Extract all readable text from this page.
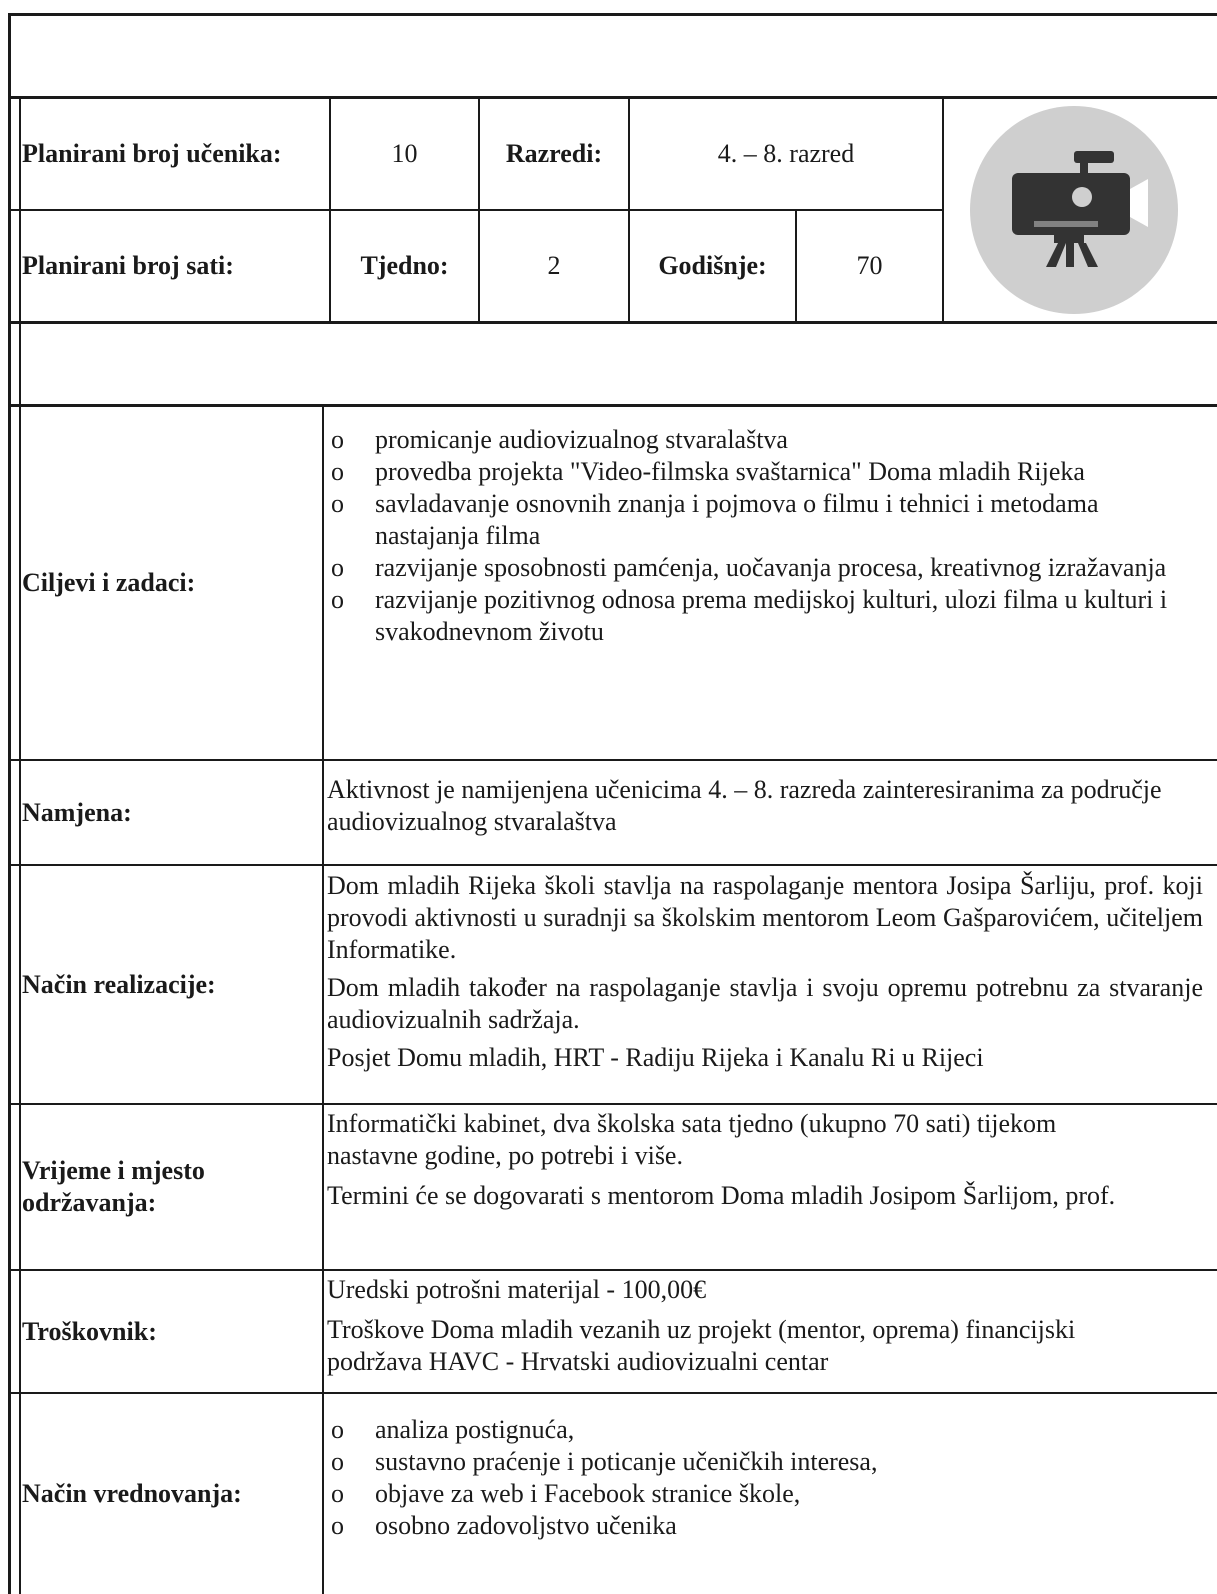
Planirani broj učenika:	10	Razredi:	4. – 8. razred
Planirani broj sati:	Tjedno:	2	Godišnje:	70
Ciljevi i zadaci:
o promicanje audiovizualnog stvaralaštva
o provedba projekta "Video-filmska svaštarnica" Doma mladih Rijeka
o savladavanje osnovnih znanja i pojmova o filmu i tehnici i metodama nastajanja filma
o razvijanje sposobnosti pamćenja, uočavanja procesa, kreativnog izražavanja
o razvijanje pozitivnog odnosa prema medijskoj kulturi, ulozi filma u kulturi i svakodnevnom životu
Namjena:
Aktivnost je namijenjena učenicima 4. – 8. razreda zainteresiranima za područje audiovizualnog stvaralaštva
Način realizacije:

Dom mladih Rijeka školi stavlja na raspolaganje mentora Josipa Šarliju, prof. koji provodi aktivnosti u suradnji sa školskim mentorom Leom Gašparovićem, učiteljem Informatike.

Dom mladih također na raspolaganje stavlja i svoju opremu potrebnu za stvaranje audiovizualnih sadržaja.

Posjet Domu mladih, HRT - Radiju Rijeka i Kanalu Ri u Rijeci

Vrijeme i mjesto održavanja:

Informatički kabinet, dva školska sata tjedno (ukupno 70 sati) tijekom nastavne godine, po potrebi i više.

Termini će se dogovarati s mentorom Doma mladih Josipom Šarlijom, prof.

Troškovnik:

Uredski potrošni materijal - 100,00€

Troškove Doma mladih vezanih uz projekt (mentor, oprema) financijski podržava HAVC - Hrvatski audiovizualni centar

Način vrednovanja:
o analiza postignuća,
o sustavno praćenje i poticanje učeničkih interesa,
o objave za web i Facebook stranice škole,
o osobno zadovoljstvo učenika
